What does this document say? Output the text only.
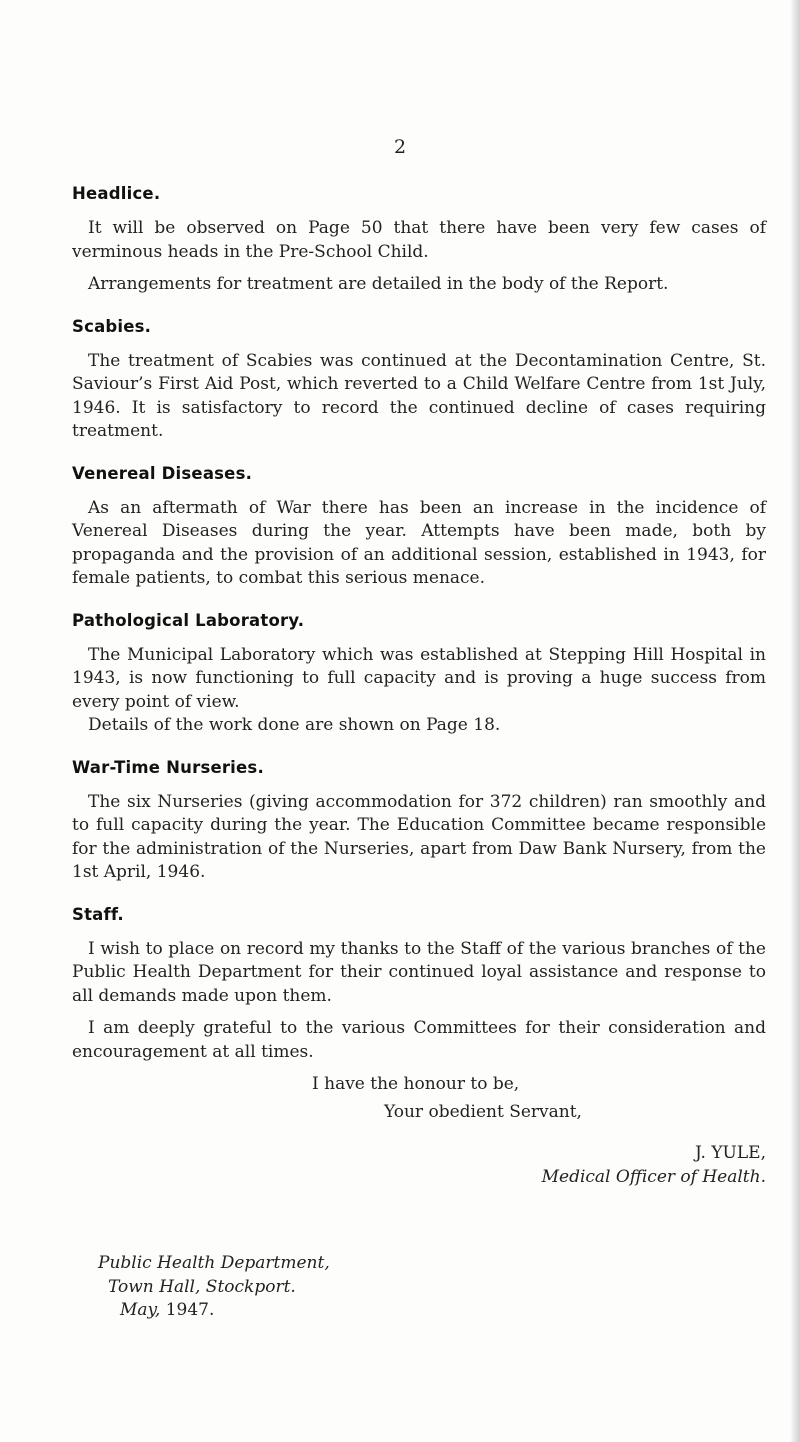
2
Headlice.

It will be observed on Page 50 that there have been very few cases of verminous heads in the Pre-School Child.

Arrangements for treatment are detailed in the body of the Report.

Scabies.

The treatment of Scabies was continued at the Decontamination Centre, St. Saviour’s First Aid Post, which reverted to a Child Welfare Centre from 1st July, 1946. It is satisfactory to record the continued decline of cases requiring treatment.

Venereal Diseases.

As an aftermath of War there has been an increase in the incidence of Venereal Diseases during the year. Attempts have been made, both by propaganda and the provision of an additional session, established in 1943, for female patients, to combat this serious menace.

Pathological Laboratory.

The Municipal Laboratory which was established at Stepping Hill Hospital in 1943, is now functioning to full capacity and is proving a huge success from every point of view.

Details of the work done are shown on Page 18.

War-Time Nurseries.

The six Nurseries (giving accommodation for 372 children) ran smoothly and to full capacity during the year. The Education Committee became responsible for the administration of the Nurseries, apart from Daw Bank Nursery, from the 1st April, 1946.

Staff.

I wish to place on record my thanks to the Staff of the various branches of the Public Health Department for their continued loyal assistance and response to all demands made upon them.

I am deeply grateful to the various Committees for their consideration and encouragement at all times.

I have the honour to be,
Your obedient Servant,
J. YULE,
Medical Officer of Health.
Public Health Department,
Town Hall, Stockport.
May, 1947.
